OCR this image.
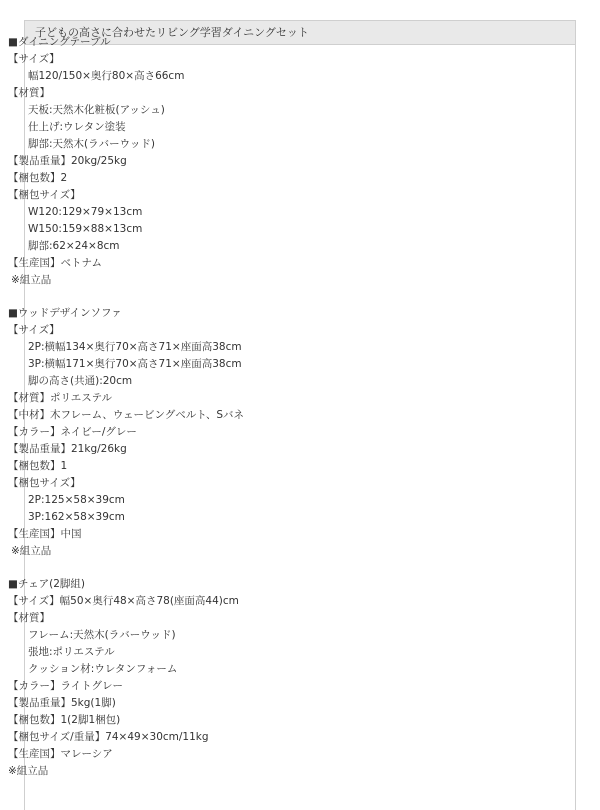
子どもの高さに合わせたリビング学習ダイニングセット
■ダイニングテーブル
【サイズ】
幅120/150×奥行80×高さ66cm
【材質】
天板:天然木化粧板(アッシュ)
仕上げ:ウレタン塗装
脚部:天然木(ラバーウッド)
【製品重量】20kg/25kg
【梱包数】2
【梱包サイズ】
W120:129×79×13cm
W150:159×88×13cm
脚部:62×24×8cm
【生産国】ベトナム
※組立品
■ウッドデザインソファ
【サイズ】
2P:横幅134×奥行70×高さ71×座面高38cm
3P:横幅171×奥行70×高さ71×座面高38cm
脚の高さ(共通):20cm
【材質】ポリエステル
【中材】木フレーム、ウェービングベルト、Sバネ
【カラー】ネイビー/グレー
【製品重量】21kg/26kg
【梱包数】1
【梱包サイズ】
2P:125×58×39cm
3P:162×58×39cm
【生産国】中国
※組立品
■チェア(2脚組)
【サイズ】幅50×奥行48×高さ78(座面高44)cm
【材質】
フレーム:天然木(ラバーウッド)
張地:ポリエステル
クッション材:ウレタンフォーム
【カラー】ライトグレー
【製品重量】5kg(1脚)
【梱包数】1(2脚1梱包)
【梱包サイズ/重量】74×49×30cm/11kg
【生産国】マレーシア
※組立品
